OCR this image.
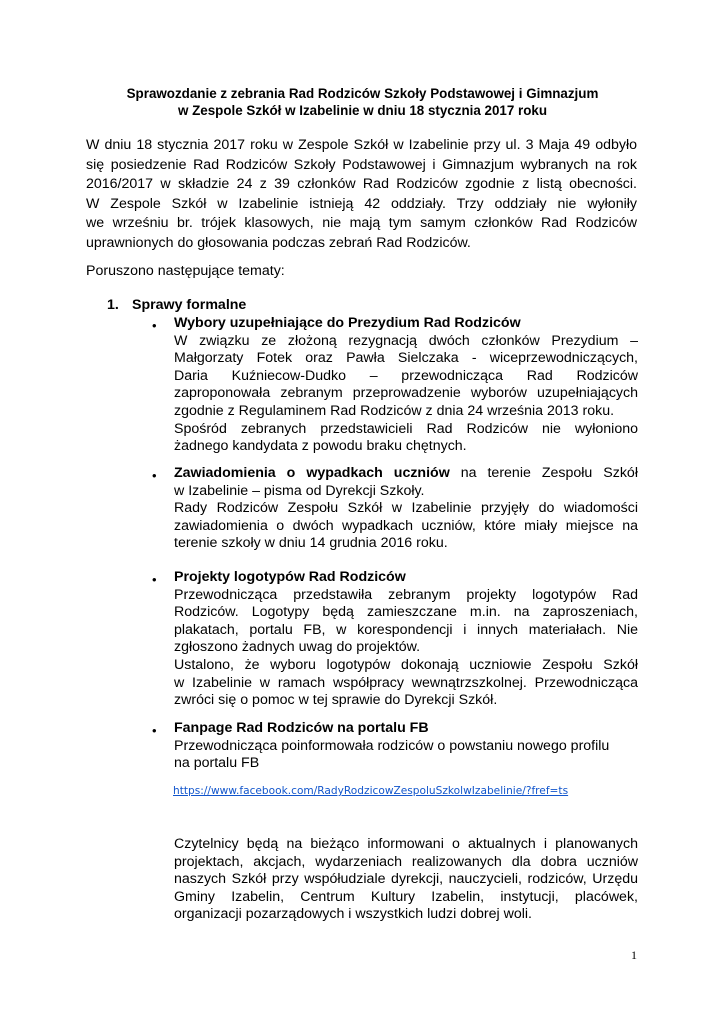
Sprawozdanie z zebrania Rad Rodziców Szkoły Podstawowej i Gimnazjum
w Zespole Szkół w Izabelinie w dniu 18 stycznia 2017 roku
W dniu 18 stycznia 2017 roku w Zespole Szkół w Izabelinie przy ul. 3 Maja 49 odbyło
się posiedzenie Rad Rodziców Szkoły Podstawowej i Gimnazjum wybranych na rok
2016/2017 w składzie 24 z 39 członków Rad Rodziców zgodnie z listą obecności.
W Zespole Szkół w Izabelinie istnieją 42 oddziały. Trzy oddziały nie wyłoniły
we wrześniu br. trójek klasowych, nie mają tym samym członków Rad Rodziców
uprawnionych do głosowania podczas zebrań Rad Rodziców.
Poruszono następujące tematy:
1. Sprawy formalne
• Wybory uzupełniające do Prezydium Rad Rodziców
W związku ze złożoną rezygnacją dwóch członków Prezydium –
Małgorzaty Fotek oraz Pawła Sielczaka - wiceprzewodniczących,
Daria Kuźniecow-Dudko – przewodnicząca Rad Rodziców
zaproponowała zebranym przeprowadzenie wyborów uzupełniających
zgodnie z Regulaminem Rad Rodziców z dnia 24 września 2013 roku.
Spośród zebranych przedstawicieli Rad Rodziców nie wyłoniono
żadnego kandydata z powodu braku chętnych.
• Zawiadomienia o wypadkach uczniów na terenie Zespołu Szkół
w Izabelinie – pisma od Dyrekcji Szkoły.
Rady Rodziców Zespołu Szkół w Izabelinie przyjęły do wiadomości
zawiadomienia o dwóch wypadkach uczniów, które miały miejsce na
terenie szkoły w dniu 14 grudnia 2016 roku.
• Projekty logotypów Rad Rodziców
Przewodnicząca przedstawiła zebranym projekty logotypów Rad
Rodziców. Logotypy będą zamieszczane m.in. na zaproszeniach,
plakatach, portalu FB, w korespondencji i innych materiałach. Nie
zgłoszono żadnych uwag do projektów.
Ustalono, że wyboru logotypów dokonają uczniowie Zespołu Szkół
w Izabelinie w ramach współpracy wewnątrzszkolnej. Przewodnicząca
zwróci się o pomoc w tej sprawie do Dyrekcji Szkół.
• Fanpage Rad Rodziców na portalu FB
Przewodnicząca poinformowała rodziców o powstaniu nowego profilu
na portalu FB
https://www.facebook.com/RadyRodzicowZespoluSzkolwIzabelinie/?fref=ts
Czytelnicy będą na bieżąco informowani o aktualnych i planowanych
projektach, akcjach, wydarzeniach realizowanych dla dobra uczniów
naszych Szkół przy współudziale dyrekcji, nauczycieli, rodziców, Urzędu
Gminy Izabelin, Centrum Kultury Izabelin, instytucji, placówek,
organizacji pozarządowych i wszystkich ludzi dobrej woli.
1
